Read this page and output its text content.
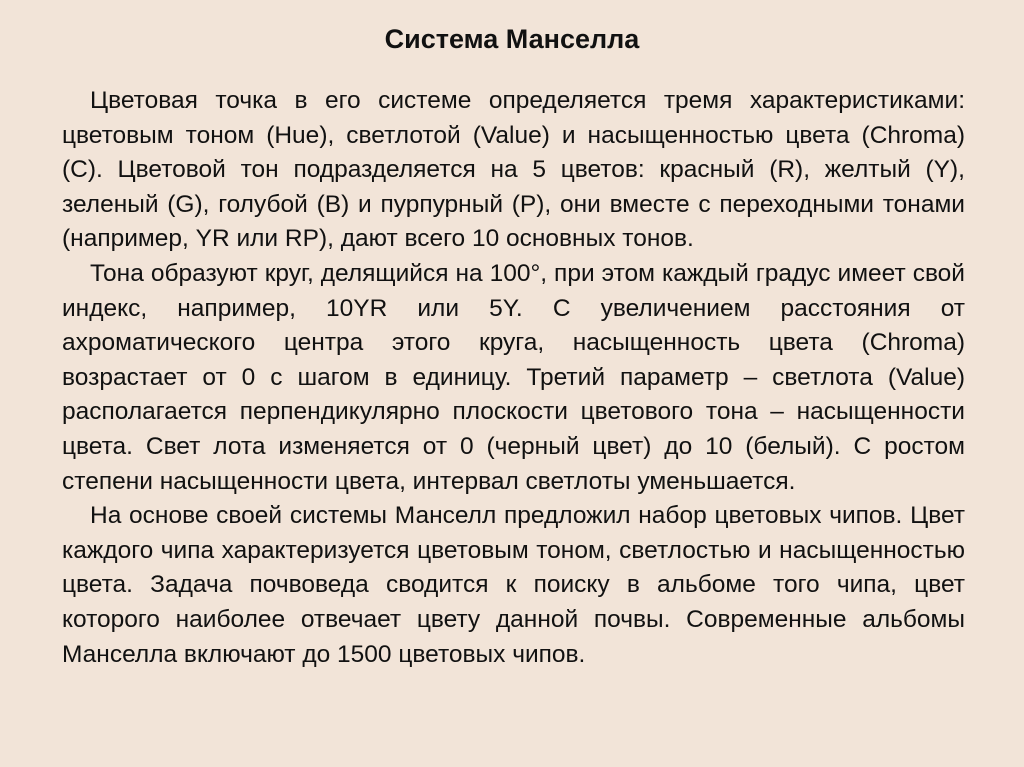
Система Манселла

Цветовая точка в его системе определяется тремя характеристиками: цветовым тоном (Hue), светлотой (Value) и насыщенностью цвета (Chroma) (C). Цветовой тон подразделяется на 5 цветов: красный (R), желтый (Y), зеленый (G), голубой (B) и пурпурный (P), они вместе с переходными тонами (например, YR или RP), дают всего 10 основных тонов.

Тона образуют круг, делящийся на 100°, при этом каждый градус имеет свой индекс, например, 10YR или 5Y. С увеличением расстояния от ахроматического центра этого круга, насыщенность цвета (Chroma) возрастает от 0 с шагом в единицу. Третий параметр – светлота (Value) располагается перпендикулярно плоскости цветового тона – насыщенности цвета. Свет лота изменяется от 0 (черный цвет) до 10 (белый). С ростом степени насыщенности цвета, интервал светлоты уменьшается.

На основе своей системы Манселл предложил набор цветовых чипов. Цвет каждого чипа характеризуется цветовым тоном, светлостью и насыщенностью цвета. Задача почвоведа сводится к поиску в альбоме того чипа, цвет которого наиболее отвечает цвету данной почвы. Современные альбомы Манселла включают до 1500 цветовых чипов.
